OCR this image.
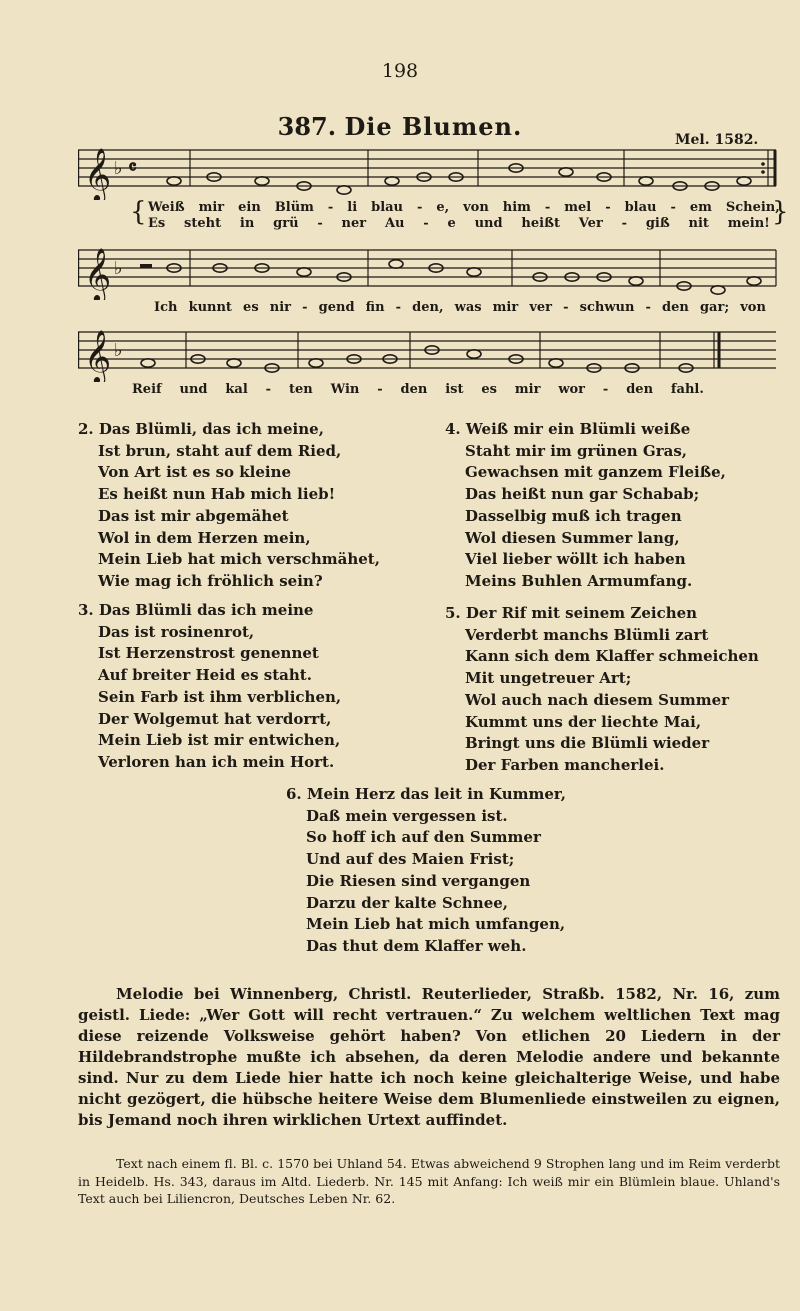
198
387. Die Blumen.	Mel. 1582.
𝄞 ♭ 𝄴
Weiß mir ein Blüm - li blau - e, von him - mel - blau - em Schein,
Es steht in grü - ner Au - e und heißt Ver - giß nit mein!
{	}
𝄞 ♭
Ich kunnt es nir - gend fin - den, was mir ver - schwun - den gar; von
𝄞 ♭
Reif und kal - ten Win - den ist es mir wor - den fahl.
2. Das Blümli, das ich meine,
Ist brun, staht auf dem Ried,
Von Art ist es so kleine
Es heißt nun Hab mich lieb!
Das ist mir abgemähet
Wol in dem Herzen mein,
Mein Lieb hat mich verschmähet,
Wie mag ich fröhlich sein?
4. Weiß mir ein Blümli weiße
Staht mir im grünen Gras,
Gewachsen mit ganzem Fleiße,
Das heißt nun gar Schabab;
Dasselbig muß ich tragen
Wol diesen Summer lang,
Viel lieber wöllt ich haben
Meins Buhlen Armumfang.
3. Das Blümli das ich meine
Das ist rosinenrot,
Ist Herzenstrost genennet
Auf breiter Heid es staht.
Sein Farb ist ihm verblichen,
Der Wolgemut hat verdorrt,
Mein Lieb ist mir entwichen,
Verloren han ich mein Hort.
5. Der Rif mit seinem Zeichen
Verderbt manchs Blümli zart
Kann sich dem Klaffer schmeichen
Mit ungetreuer Art;
Wol auch nach diesem Summer
Kummt uns der liechte Mai,
Bringt uns die Blümli wieder
Der Farben mancherlei.
6. Mein Herz das leit in Kummer,
Daß mein vergessen ist.
So hoff ich auf den Summer
Und auf des Maien Frist;
Die Riesen sind vergangen
Darzu der kalte Schnee,
Mein Lieb hat mich umfangen,
Das thut dem Klaffer weh.
Melodie bei Winnenberg, Christl. Reuterlieder, Straßb. 1582, Nr. 16, zum geistl. Liede: „Wer Gott will recht vertrauen.“ Zu welchem weltlichen Text mag diese reizende Volksweise gehört haben? Von etlichen 20 Liedern in der Hildebrandstrophe mußte ich absehen, da deren Melodie andere und bekannte sind. Nur zu dem Liede hier hatte ich noch keine gleichalterige Weise, und habe nicht gezögert, die hübsche heitere Weise dem Blumenliede einstweilen zu eignen, bis Jemand noch ihren wirklichen Urtext auffindet.
Text nach einem fl. Bl. c. 1570 bei Uhland 54. Etwas abweichend 9 Strophen lang und im Reim verderbt in Heidelb. Hs. 343, daraus im Altd. Liederb. Nr. 145 mit Anfang: Ich weiß mir ein Blümlein blaue. Uhland's Text auch bei Liliencron, Deutsches Leben Nr. 62.
